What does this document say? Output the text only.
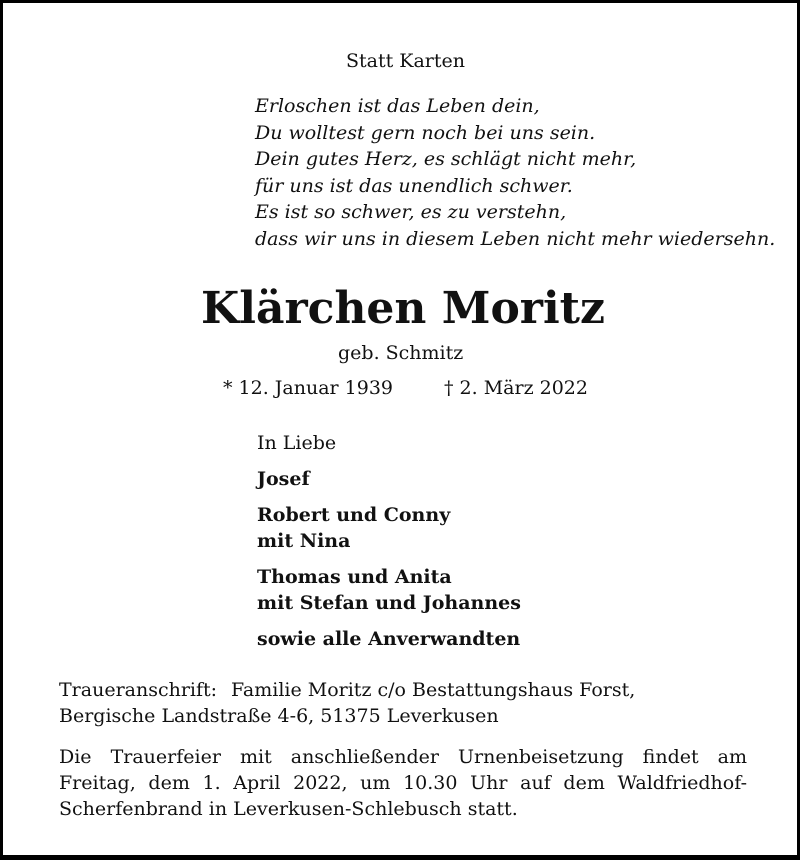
Statt Karten
Erloschen ist das Leben dein,
Du wolltest gern noch bei uns sein.
Dein gutes Herz, es schlägt nicht mehr,
für uns ist das unendlich schwer.
Es ist so schwer, es zu verstehn,
dass wir uns in diesem Leben nicht mehr wiedersehn.
Klärchen Moritz
geb. Schmitz
* 12. Januar 1939	† 2. März 2022
In Liebe
Josef
Robert und Conny
mit Nina
Thomas und Anita
mit Stefan und Johannes
sowie alle Anverwandten
Traueranschrift: Familie Moritz c/o Bestattungshaus Forst,
Bergische Landstraße 4-6, 51375 Leverkusen
Die Trauerfeier mit anschließender Urnenbeisetzung findet am Freitag, dem 1. April 2022, um 10.30 Uhr auf dem Waldfriedhof-Scherfenbrand in Leverkusen-Schlebusch statt.
